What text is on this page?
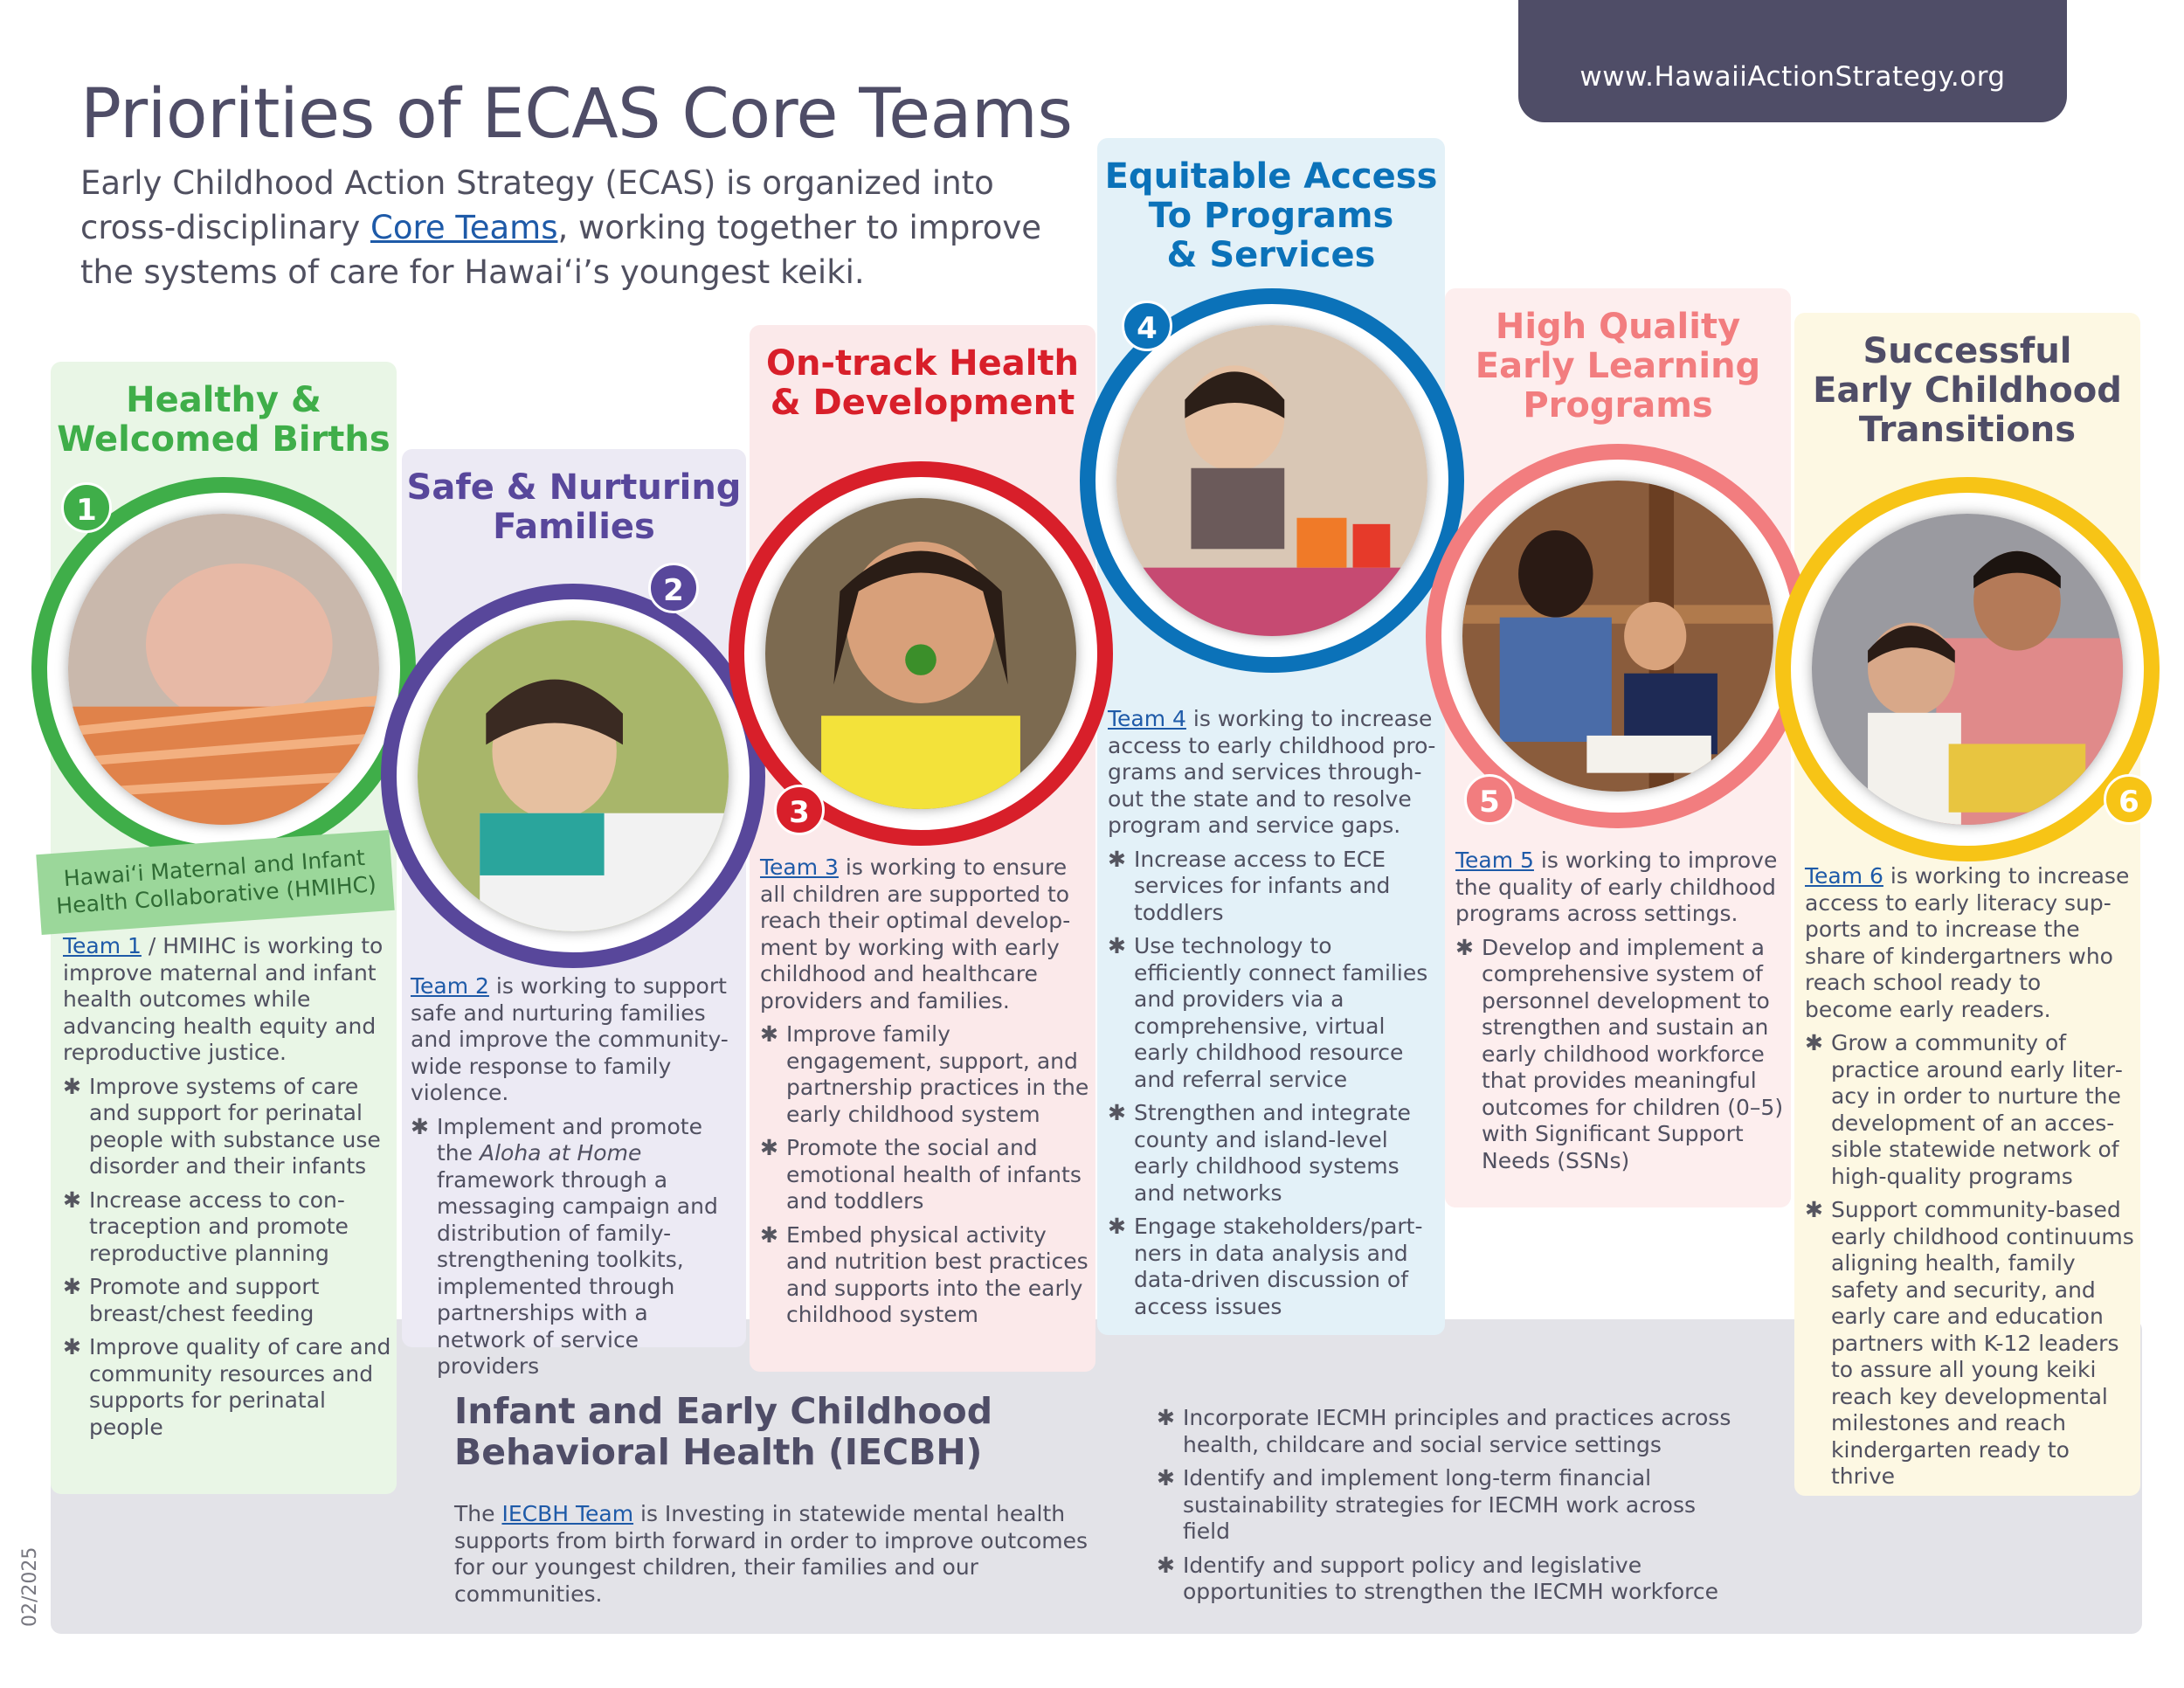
www.HawaiiActionStrategy.org
Priorities of ECAS Core Teams
Early Childhood Action Strategy (ECAS) is organized into cross-disciplinary Core Teams, working together to improve the systems of care for Hawai‘i’s youngest keiki.
Healthy &
Welcomed Births
Safe & Nurturing
Families
On-track Health
& Development
Equitable Access
To Programs
& Services
High Quality
Early Learning
Programs
Successful
Early Childhood
Transitions
1
2
3
4
5	6
Hawai‘i Maternal and Infant Health Collaborative (HMIHC)

Team 1 / HMIHC is working to improve maternal and infant health outcomes while advancing health equity and reproductive justice.

✱ Improve systems of care and support for perinatal people with substance use disorder and their infants
✱ Increase access to contraception and promote reproductive planning
✱ Promote and support breast/chest feeding
✱ Improve quality of care and community resources and supports for perinatal people

Team 2 is working to support safe and nurturing families and improve the community-wide response to family violence.

✱ Implement and promote the Aloha at Home framework through a messaging campaign and distribution of family-strengthening toolkits, implemented through partnerships with a network of service providers

Team 3 is working to ensure all children are supported to reach their optimal development by working with early childhood and healthcare providers and families.

✱ Improve family engagement, support, and partnership practices in the early childhood system
✱ Promote the social and emotional health of infants and toddlers
✱ Embed physical activity and nutrition best practices and supports into the early childhood system

Team 4 is working to increase access to early childhood programs and services throughout the state and to resolve program and service gaps.

✱ Increase access to ECE services for infants and toddlers
✱ Use technology to efficiently connect families and providers via a comprehensive, virtual early childhood resource and referral service
✱ Strengthen and integrate county and island-level early childhood systems and networks
✱ Engage stakeholders/partners in data analysis and data-driven discussion of access issues

Team 5 is working to improve the quality of early childhood programs across settings.

✱ Develop and implement a comprehensive system of personnel development to strengthen and sustain an early childhood workforce that provides meaningful outcomes for children (0–5) with Significant Support Needs (SSNs)

Team 6 is working to increase access to early literacy supports and to increase the share of kindergartners who reach school ready to become early readers.

✱ Grow a community of practice around early literacy in order to nurture the development of an accessible statewide network of high-quality programs
✱ Support community-based early childhood continuums aligning health, family safety and security, and early care and education partners with K-12 leaders to assure all young keiki reach key developmental milestones and reach kindergarten ready to thrive
Infant and Early Childhood
Behavioral Health (IECBH)
The IECBH Team is Investing in statewide mental health supports from birth forward in order to improve outcomes for our youngest children, their families and our communities.
✱ Incorporate IECMH principles and practices across health, childcare and social service settings
✱ Identify and implement long-term financial sustainability strategies for IECMH work across field
✱ Identify and support policy and legislative opportunities to strengthen the IECMH workforce
02/2025
